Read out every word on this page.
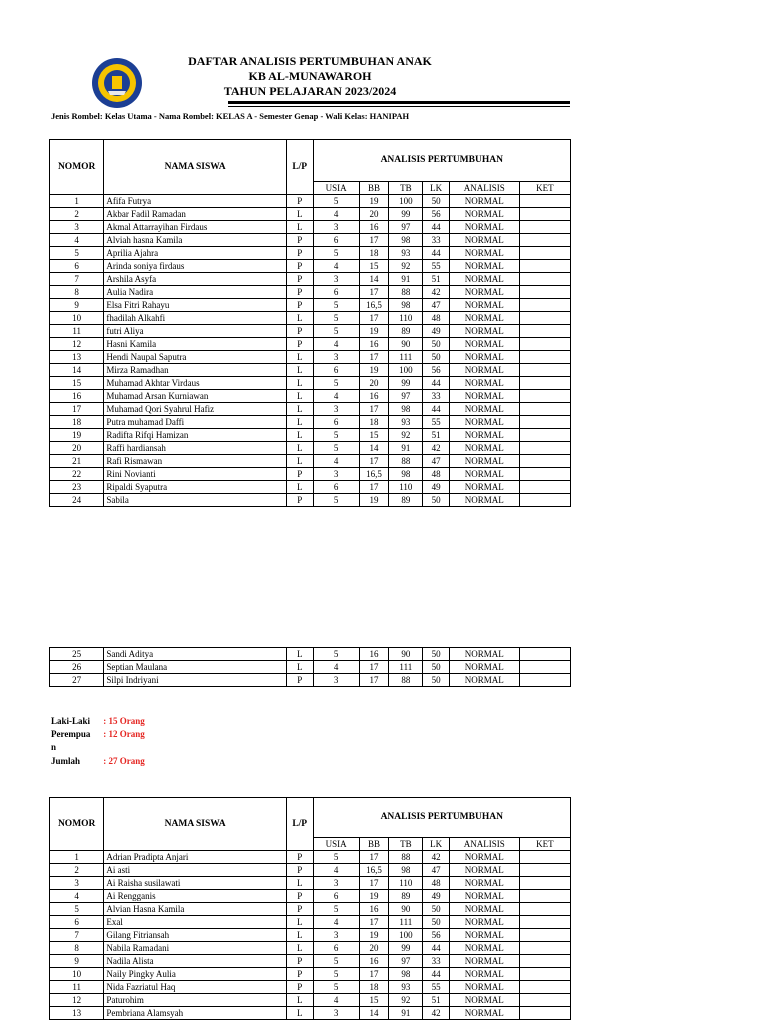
DAFTAR ANALISIS PERTUMBUHAN ANAK
KB AL-MUNAWAROH
TAHUN PELAJARAN 2023/2024
Jenis Rombel: Kelas Utama - Nama Rombel: KELAS A - Semester Genap - Wali Kelas: HANIPAH
NOMOR	NAMA SISWA	L/P	ANALISIS PERTUMBUHAN					
			USIA	BB	TB	LK	ANALISIS	KET
1	Afifa Futrya	P	5	19	100	50	NORMAL	
2	Akbar Fadil Ramadan	L	4	20	99	56	NORMAL	
3	Akmal Attarrayihan Firdaus	L	3	16	97	44	NORMAL	
4	Alviah hasna Kamila	P	6	17	98	33	NORMAL	
5	Aprilia Ajahra	P	5	18	93	44	NORMAL	
6	Arinda soniya firdaus	P	4	15	92	55	NORMAL	
7	Arshila Asyfa	P	3	14	91	51	NORMAL	
8	Aulia Nadira	P	6	17	88	42	NORMAL	
9	Elsa Fitri Rahayu	P	5	16,5	98	47	NORMAL	
10	fhadilah Alkahfi	L	5	17	110	48	NORMAL	
11	futri Aliya	P	5	19	89	49	NORMAL	
12	Hasni Kamila	P	4	16	90	50	NORMAL	
13	Hendi Naupal Saputra	L	3	17	111	50	NORMAL	
14	Mirza Ramadhan	L	6	19	100	56	NORMAL	
15	Muhamad Akhtar Virdaus	L	5	20	99	44	NORMAL	
16	Muhamad Arsan Kurniawan	L	4	16	97	33	NORMAL	
17	Muhamad Qori Syahrul Hafiz	L	3	17	98	44	NORMAL	
18	Putra muhamad Daffi	L	6	18	93	55	NORMAL	
19	Radifta Rifqi Hamizan	L	5	15	92	51	NORMAL	
20	Raffi hardiansah	L	5	14	91	42	NORMAL	
21	Rafi Rismawan	L	4	17	88	47	NORMAL	
22	Rini Novianti	P	3	16,5	98	48	NORMAL	
23	Ripaldi Syaputra	L	6	17	110	49	NORMAL	
24	Sabila	P	5	19	89	50	NORMAL	
25	Sandi Aditya	L	5	16	90	50	NORMAL	
26	Septian Maulana	L	4	17	111	50	NORMAL	
27	Silpi Indriyani	P	3	17	88	50	NORMAL	
Laki-Laki : 15 Orang
Perempua : 12 Orang
n
Jumlah	: 27 Orang
NOMOR	NAMA SISWA	L/P	ANALISIS PERTUMBUHAN					
			USIA	BB	TB	LK	ANALISIS	KET
1	Adrian Pradipta Anjari	P	5	17	88	42	NORMAL	
2	Ai asti	P	4	16,5	98	47	NORMAL	
3	Ai Raisha susilawati	L	3	17	110	48	NORMAL	
4	Ai Rengganis	P	6	19	89	49	NORMAL	
5	Alvian Hasna Kamila	P	5	16	90	50	NORMAL	
6	Exal	L	4	17	111	50	NORMAL	
7	Gilang Fitriansah	L	3	19	100	56	NORMAL	
8	Nabila Ramadani	L	6	20	99	44	NORMAL	
9	Nadila Alista	P	5	16	97	33	NORMAL	
10	Naily Pingky Aulia	P	5	17	98	44	NORMAL	
11	Nida Fazriatul Haq	P	5	18	93	55	NORMAL	
12	Paturohim	L	4	15	92	51	NORMAL	
13	Pembriana Alamsyah	L	3	14	91	42	NORMAL	
